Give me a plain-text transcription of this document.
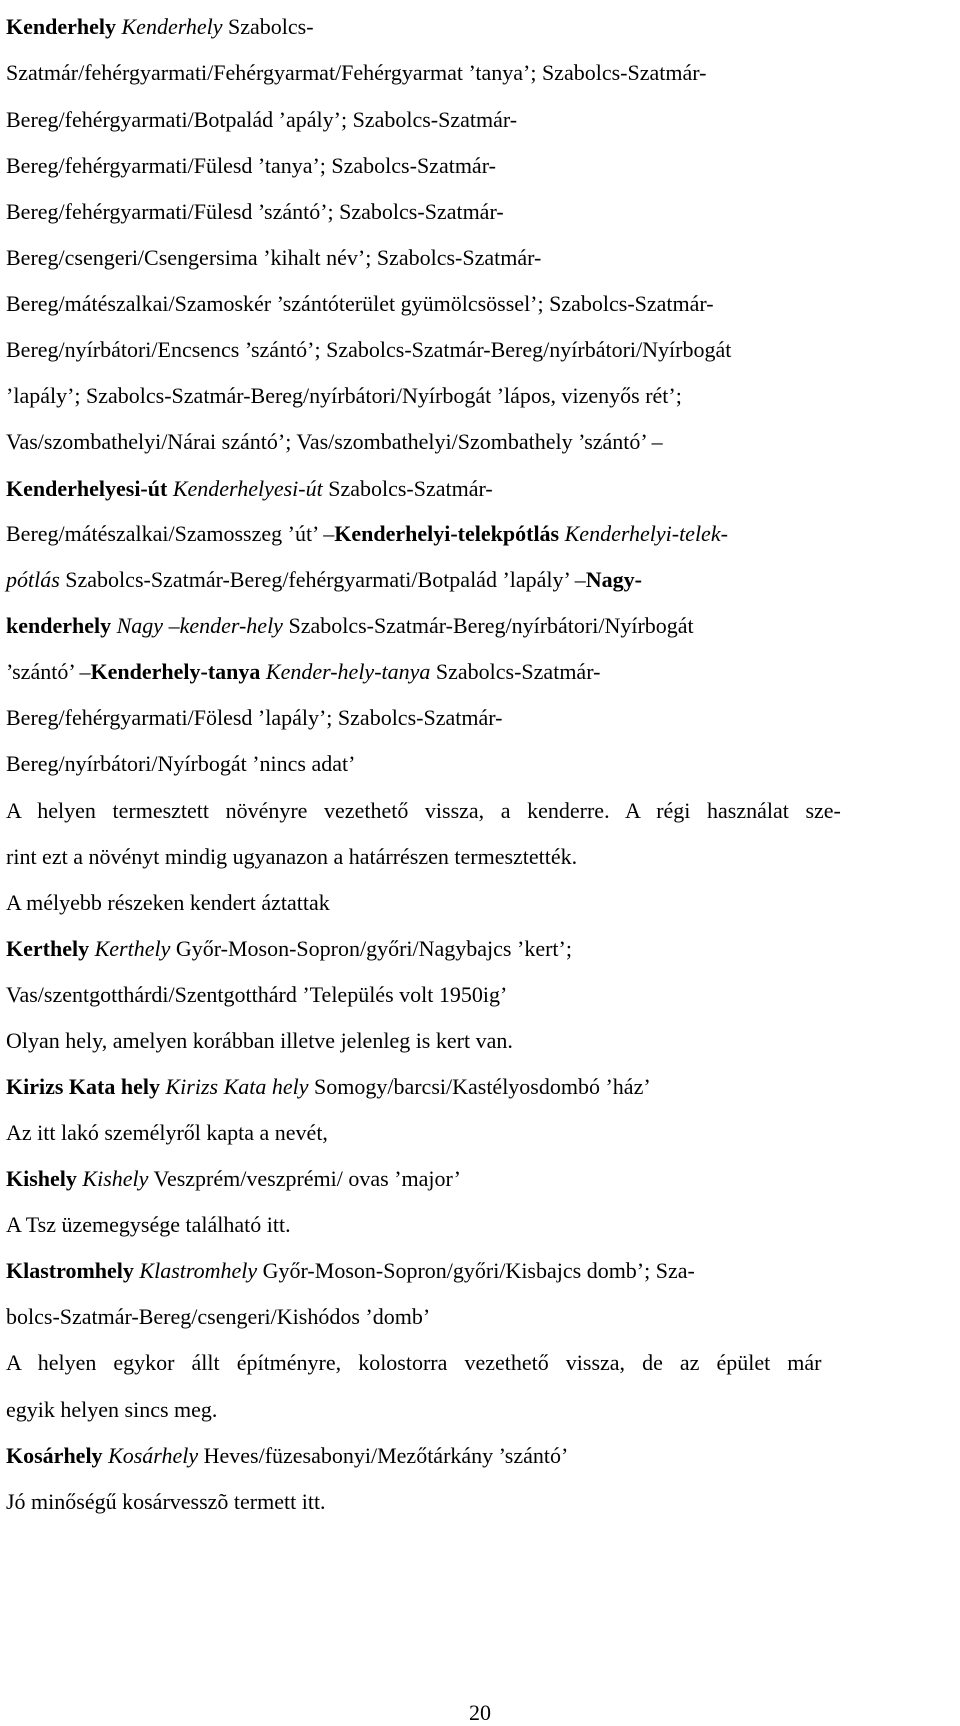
Kenderhely Kenderhely Szabolcs-
Szatmár/fehérgyarmati/Fehérgyarmat/Fehérgyarmat ’tanya’; Szabolcs-Szatmár-
Bereg/fehérgyarmati/Botpalád ’apály’; Szabolcs-Szatmár-
Bereg/fehérgyarmati/Fülesd ’tanya’; Szabolcs-Szatmár-
Bereg/fehérgyarmati/Fülesd ’szántó’; Szabolcs-Szatmár-
Bereg/csengeri/Csengersima ’kihalt név’; Szabolcs-Szatmár-
Bereg/mátészalkai/Szamoskér ’szántóterület gyümölcsössel’; Szabolcs-Szatmár-
Bereg/nyírbátori/Encsencs ’szántó’; Szabolcs-Szatmár-Bereg/nyírbátori/Nyírbogát
’lapály’; Szabolcs-Szatmár-Bereg/nyírbátori/Nyírbogát ’lápos, vizenyős rét’;
Vas/szombathelyi/Nárai szántó’; Vas/szombathelyi/Szombathely ’szántó’ –
Kenderhelyesi-út Kenderhelyesi-út Szabolcs-Szatmár-
Bereg/mátészalkai/Szamosszeg ’út’ –Kenderhelyi-telekpótlás Kenderhelyi-telek-
pótlás Szabolcs-Szatmár-Bereg/fehérgyarmati/Botpalád ’lapály’ –Nagy-
kenderhely Nagy –kender-hely Szabolcs-Szatmár-Bereg/nyírbátori/Nyírbogát
’szántó’ –Kenderhely-tanya Kender-hely-tanya Szabolcs-Szatmár-
Bereg/fehérgyarmati/Fölesd ’lapály’; Szabolcs-Szatmár-
Bereg/nyírbátori/Nyírbogát ’nincs adat’
A helyen termesztett növényre vezethető vissza, a kenderre. A régi használat sze-
rint ezt a növényt mindig ugyanazon a határrészen termesztették.
A mélyebb részeken kendert áztattak
Kerthely Kerthely Győr-Moson-Sopron/győri/Nagybajcs ’kert’;
Vas/szentgotthárdi/Szentgotthárd ’Település volt 1950ig’
Olyan hely, amelyen korábban illetve jelenleg is kert van.
Kirizs Kata hely Kirizs Kata hely Somogy/barcsi/Kastélyosdombó ’ház’
Az itt lakó személyről kapta a nevét,
Kishely Kishely Veszprém/veszprémi/ ovas ’major’
A Tsz üzemegysége található itt.
Klastromhely Klastromhely Győr-Moson-Sopron/győri/Kisbajcs domb’; Sza-
bolcs-Szatmár-Bereg/csengeri/Kishódos ’domb’
A helyen egykor állt építményre, kolostorra vezethető vissza, de az épület már
egyik helyen sincs meg.
Kosárhely Kosárhely Heves/füzesabonyi/Mezőtárkány ’szántó’
Jó minőségű kosárvesszõ termett itt.
20
